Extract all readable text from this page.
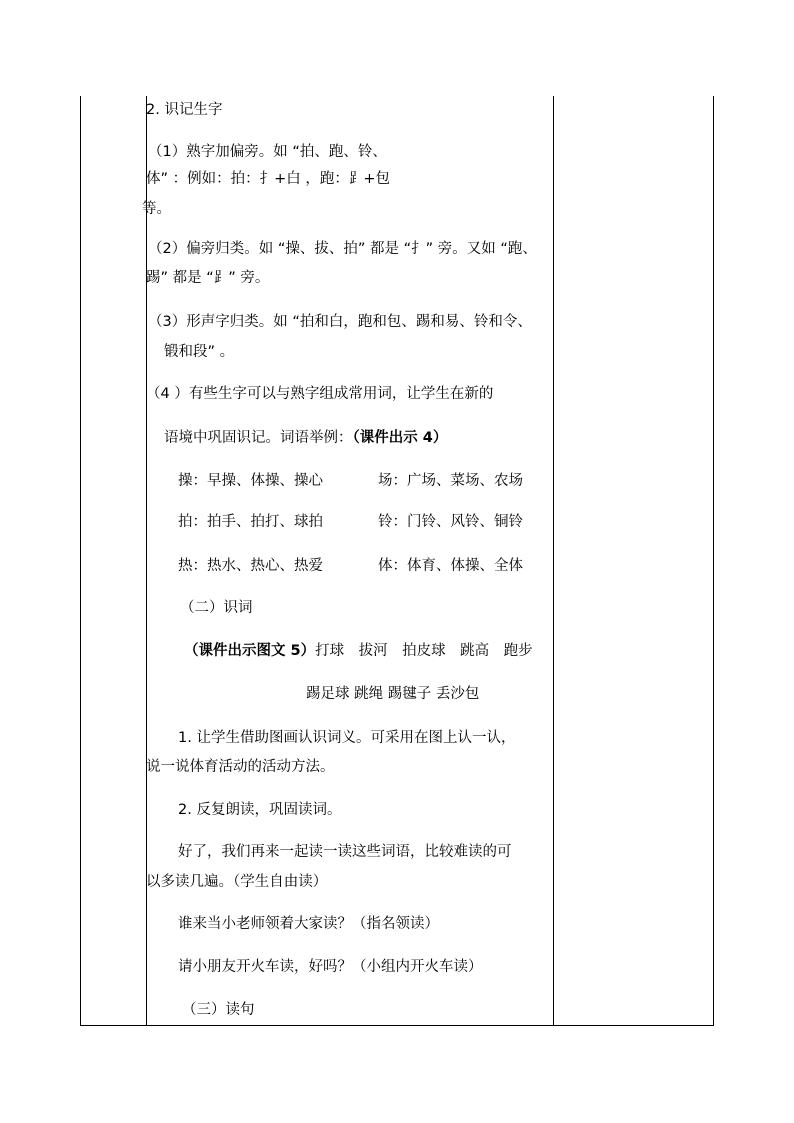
2. 识记生字
（1）熟字加偏旁。如 “拍、跑、铃、
体” ：例如：拍：扌+白 ，跑：⻊+包
等。
（2）偏旁归类。如 “操、拔、拍” 都是 “扌” 旁。又如 “跑、
踢” 都是 “⻊” 旁。
（3）形声字归类。如 “拍和白，跑和包、踢和易、铃和令、
锻和段” 。
（4 ）有些生字可以与熟字组成常用词，让学生在新的
语境中巩固识记。词语举例：（课件出示 4）
操：早操、体操、操心	场：广场、菜场、农场
拍：拍手、拍打、球拍	铃：门铃、风铃、铜铃
热：热水、热心、热爱	体：体育、体操、全体
（二）识词
（课件出示图文 5）打球　拔河　拍皮球　跳高　跑步
踢足球 跳绳 踢毽子 丢沙包
1. 让学生借助图画认识词义。可采用在图上认一认，
说一说体育活动的活动方法。
2. 反复朗读，巩固读词。
好了，我们再来一起读一读这些词语，比较难读的可
以多读几遍。（学生自由读）
谁来当小老师领着大家读？（指名领读）
请小朋友开火车读，好吗？（小组内开火车读）
（三）读句
